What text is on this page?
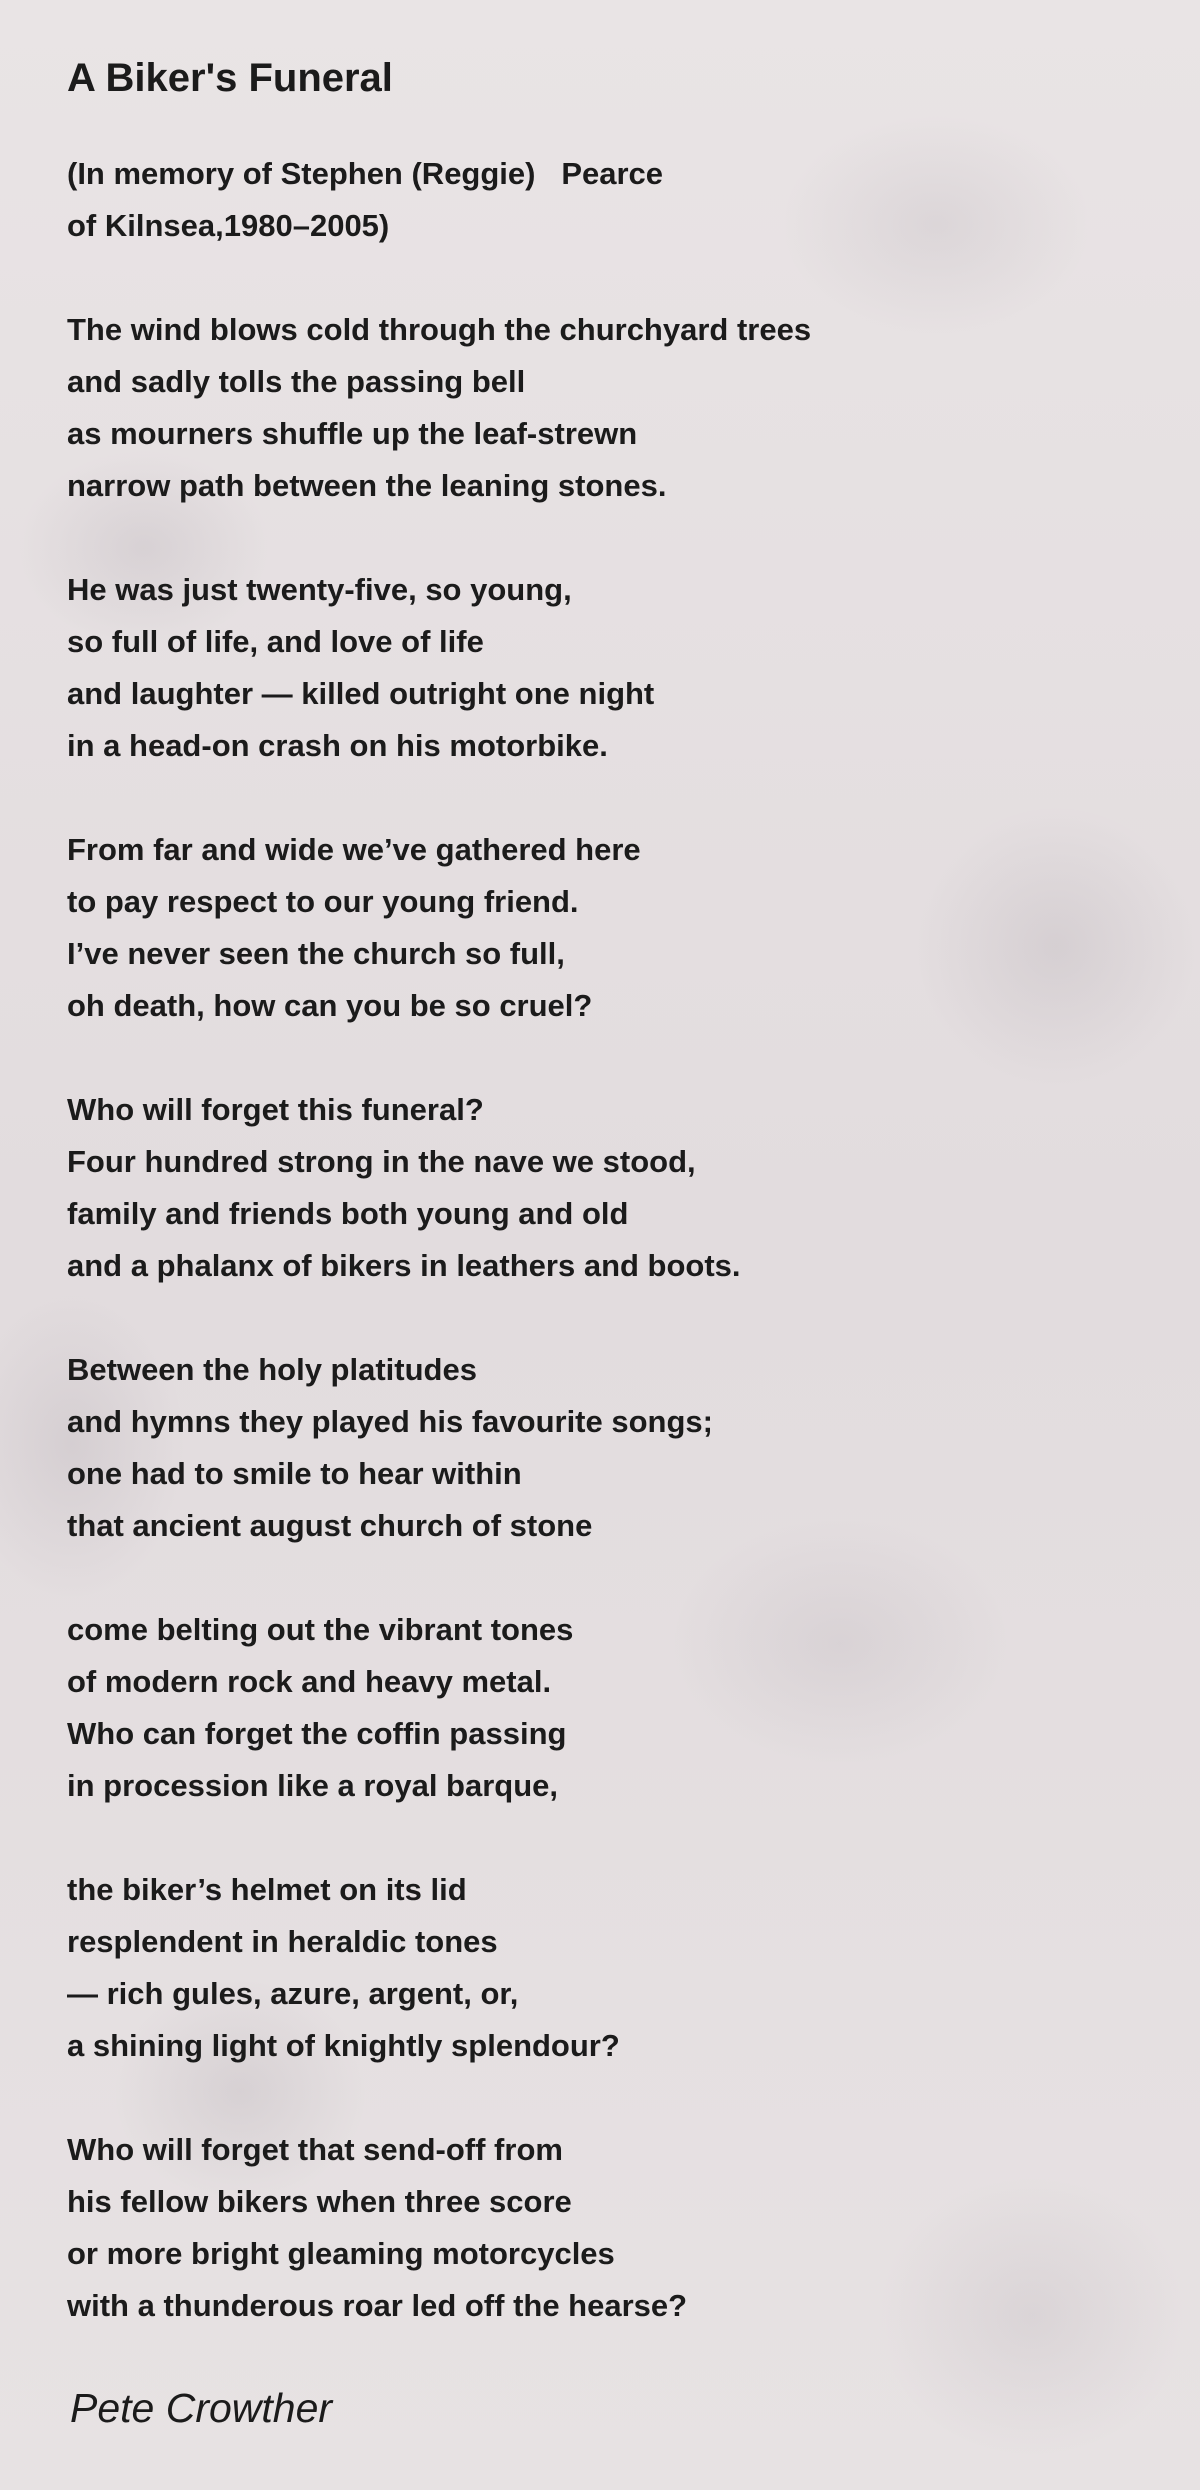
A Biker's Funeral
(In memory of Stephen (Reggie)   Pearce
of Kilnsea,1980–2005)
The wind blows cold through the churchyard trees
and sadly tolls the passing bell
as mourners shuffle up the leaf-strewn
narrow path between the leaning stones.
He was just twenty-five, so young,
so full of life, and love of life
and laughter — killed outright one night
in a head-on crash on his motorbike.
From far and wide we’ve gathered here
to pay respect to our young friend.
I’ve never seen the church so full,
oh death, how can you be so cruel?
Who will forget this funeral?
Four hundred strong in the nave we stood,
family and friends both young and old
and a phalanx of bikers in leathers and boots.
Between the holy platitudes
and hymns they played his favourite songs;
one had to smile to hear within
that ancient august church of stone
come belting out the vibrant tones
of modern rock and heavy metal.
Who can forget the coffin passing
in procession like a royal barque,
the biker’s helmet on its lid
resplendent in heraldic tones
— rich gules, azure, argent, or,
a shining light of knightly splendour?
Who will forget that send-off from
his fellow bikers when three score
or more bright gleaming motorcycles
with a thunderous roar led off the hearse?
Pete Crowther
